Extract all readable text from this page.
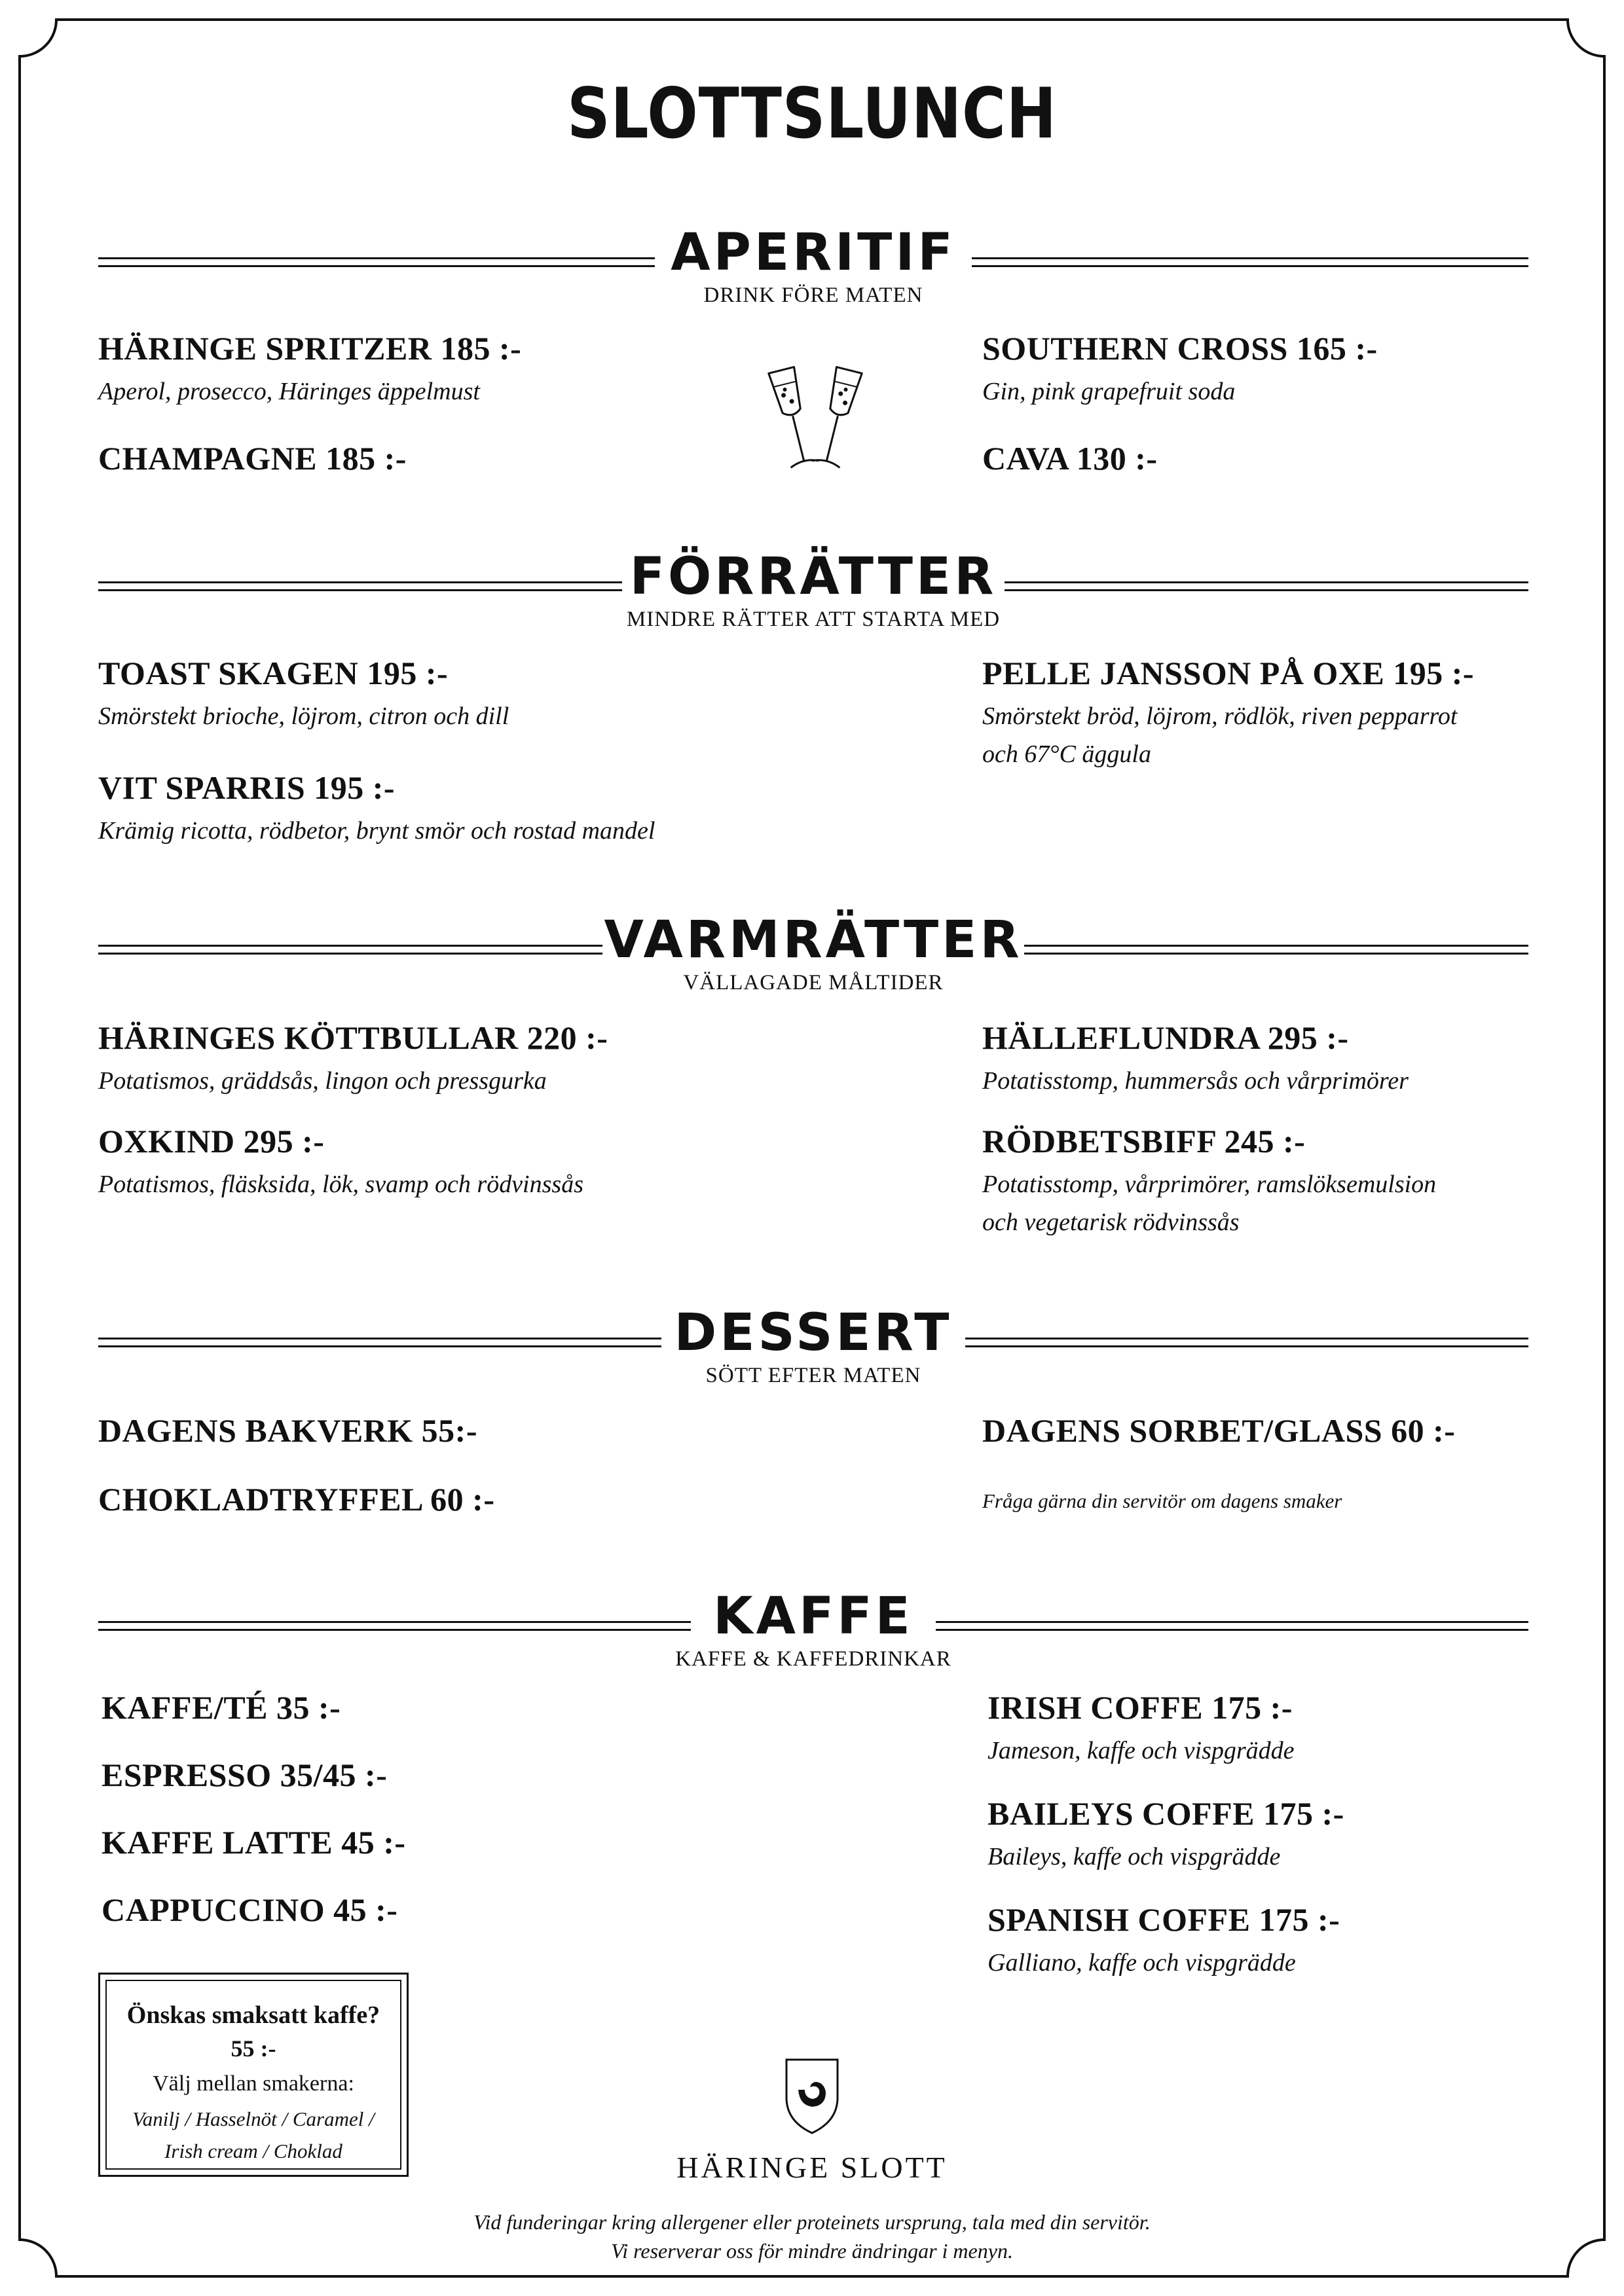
SLOTTSLUNCH
APERITIF
DRINK FÖRE MATEN
HÄRINGE SPRITZER 185 :-
Aperol, prosecco, Häringes äppelmust
CHAMPAGNE 185 :-
SOUTHERN CROSS 165 :-
Gin, pink grapefruit soda
CAVA 130 :-
FÖRRÄTTER
MINDRE RÄTTER ATT STARTA MED
TOAST SKAGEN 195 :-
Smörstekt brioche, löjrom, citron och dill
VIT SPARRIS 195 :-
Krämig ricotta, rödbetor, brynt smör och rostad mandel
PELLE JANSSON PÅ OXE 195 :-
Smörstekt bröd, löjrom, rödlök, riven pepparrot
och 67°C äggula
VARMRÄTTER
VÄLLAGADE MÅLTIDER
HÄRINGES KÖTTBULLAR 220 :-
Potatismos, gräddsås, lingon och pressgurka
OXKIND 295 :-
Potatismos, fläsksida, lök, svamp och rödvinssås
HÄLLEFLUNDRA 295 :-
Potatisstomp, hummersås och vårprimörer
RÖDBETSBIFF 245 :-
Potatisstomp, vårprimörer, ramslöksemulsion
och vegetarisk rödvinssås
DESSERT
SÖTT EFTER MATEN
DAGENS BAKVERK 55:-
CHOKLADTRYFFEL 60 :-
DAGENS SORBET/GLASS 60 :-
Fråga gärna din servitör om dagens smaker
KAFFE
KAFFE & KAFFEDRINKAR
KAFFE/TÉ 35 :-
ESPRESSO 35/45 :-
KAFFE LATTE 45 :-
CAPPUCCINO 45 :-
IRISH COFFE 175 :-
Jameson, kaffe och vispgrädde
BAILEYS COFFE 175 :-
Baileys, kaffe och vispgrädde
SPANISH COFFE 175 :-
Galliano, kaffe och vispgrädde
Önskas smaksatt kaffe?
55 :-
Välj mellan smakerna:
Vanilj / Hasselnöt / Caramel /
Irish cream / Choklad	HÄRINGE SLOTT
Vid funderingar kring allergener eller proteinets ursprung, tala med din servitör.
Vi reserverar oss för mindre ändringar i menyn.
